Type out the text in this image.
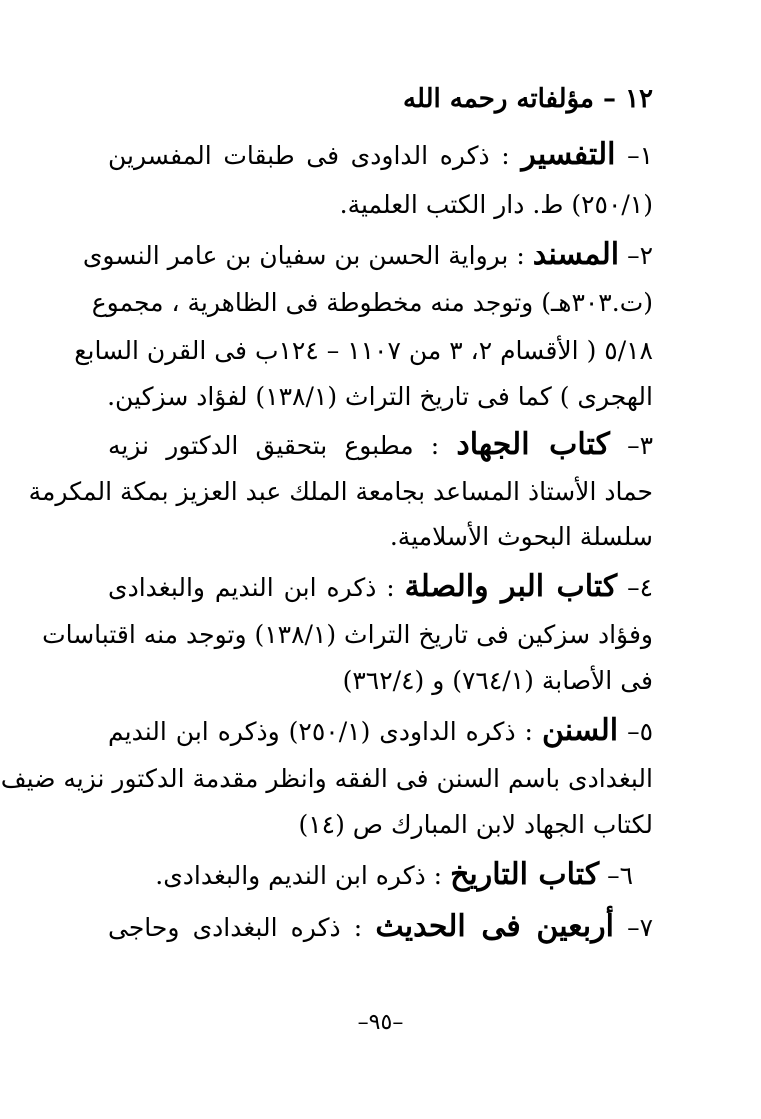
١٢ – مؤلفاته رحمه الله
١– التفسير : ذكره الداودى فى طبقات المفسرين
(٢٥٠/١) ط. دار الكتب العلمية.
٢– المسند : برواية الحسن بن سفيان بن عامر النسوى
(ت.٣٠٣هـ) وتوجد منه مخطوطة فى الظاهرية ، مجموع
٥/١٨ ( الأقسام ٢، ٣ من ١١٠٧ – ١٢٤ب فى القرن السابع
الهجرى ) كما فى تاريخ التراث (١٣٨/١) لفؤاد سزكين.
٣– كتاب الجهاد : مطبوع بتحقيق الدكتور نزيه
حماد الأستاذ المساعد بجامعة الملك عبد العزيز بمكة المكرمة
سلسلة البحوث الأسلامية.
٤– كتاب البر والصلة : ذكره ابن النديم والبغدادى
وفؤاد سزكين فى تاريخ التراث (١٣٨/١) وتوجد منه اقتباسات
فى الأصابة (٧٦٤/١) و (٣٦٢/٤)
٥– السنن : ذكره الداودى (٢٥٠/١) وذكره ابن النديم
البغدادى باسم السنن فى الفقه وانظر مقدمة الدكتور نزيه ضيف
لكتاب الجهاد لابن المبارك ص (١٤)
٦– كتاب التاريخ : ذكره ابن النديم والبغدادى.
٧– أربعين فى الحديث : ذكره البغدادى وحاجى
–٩٥–
